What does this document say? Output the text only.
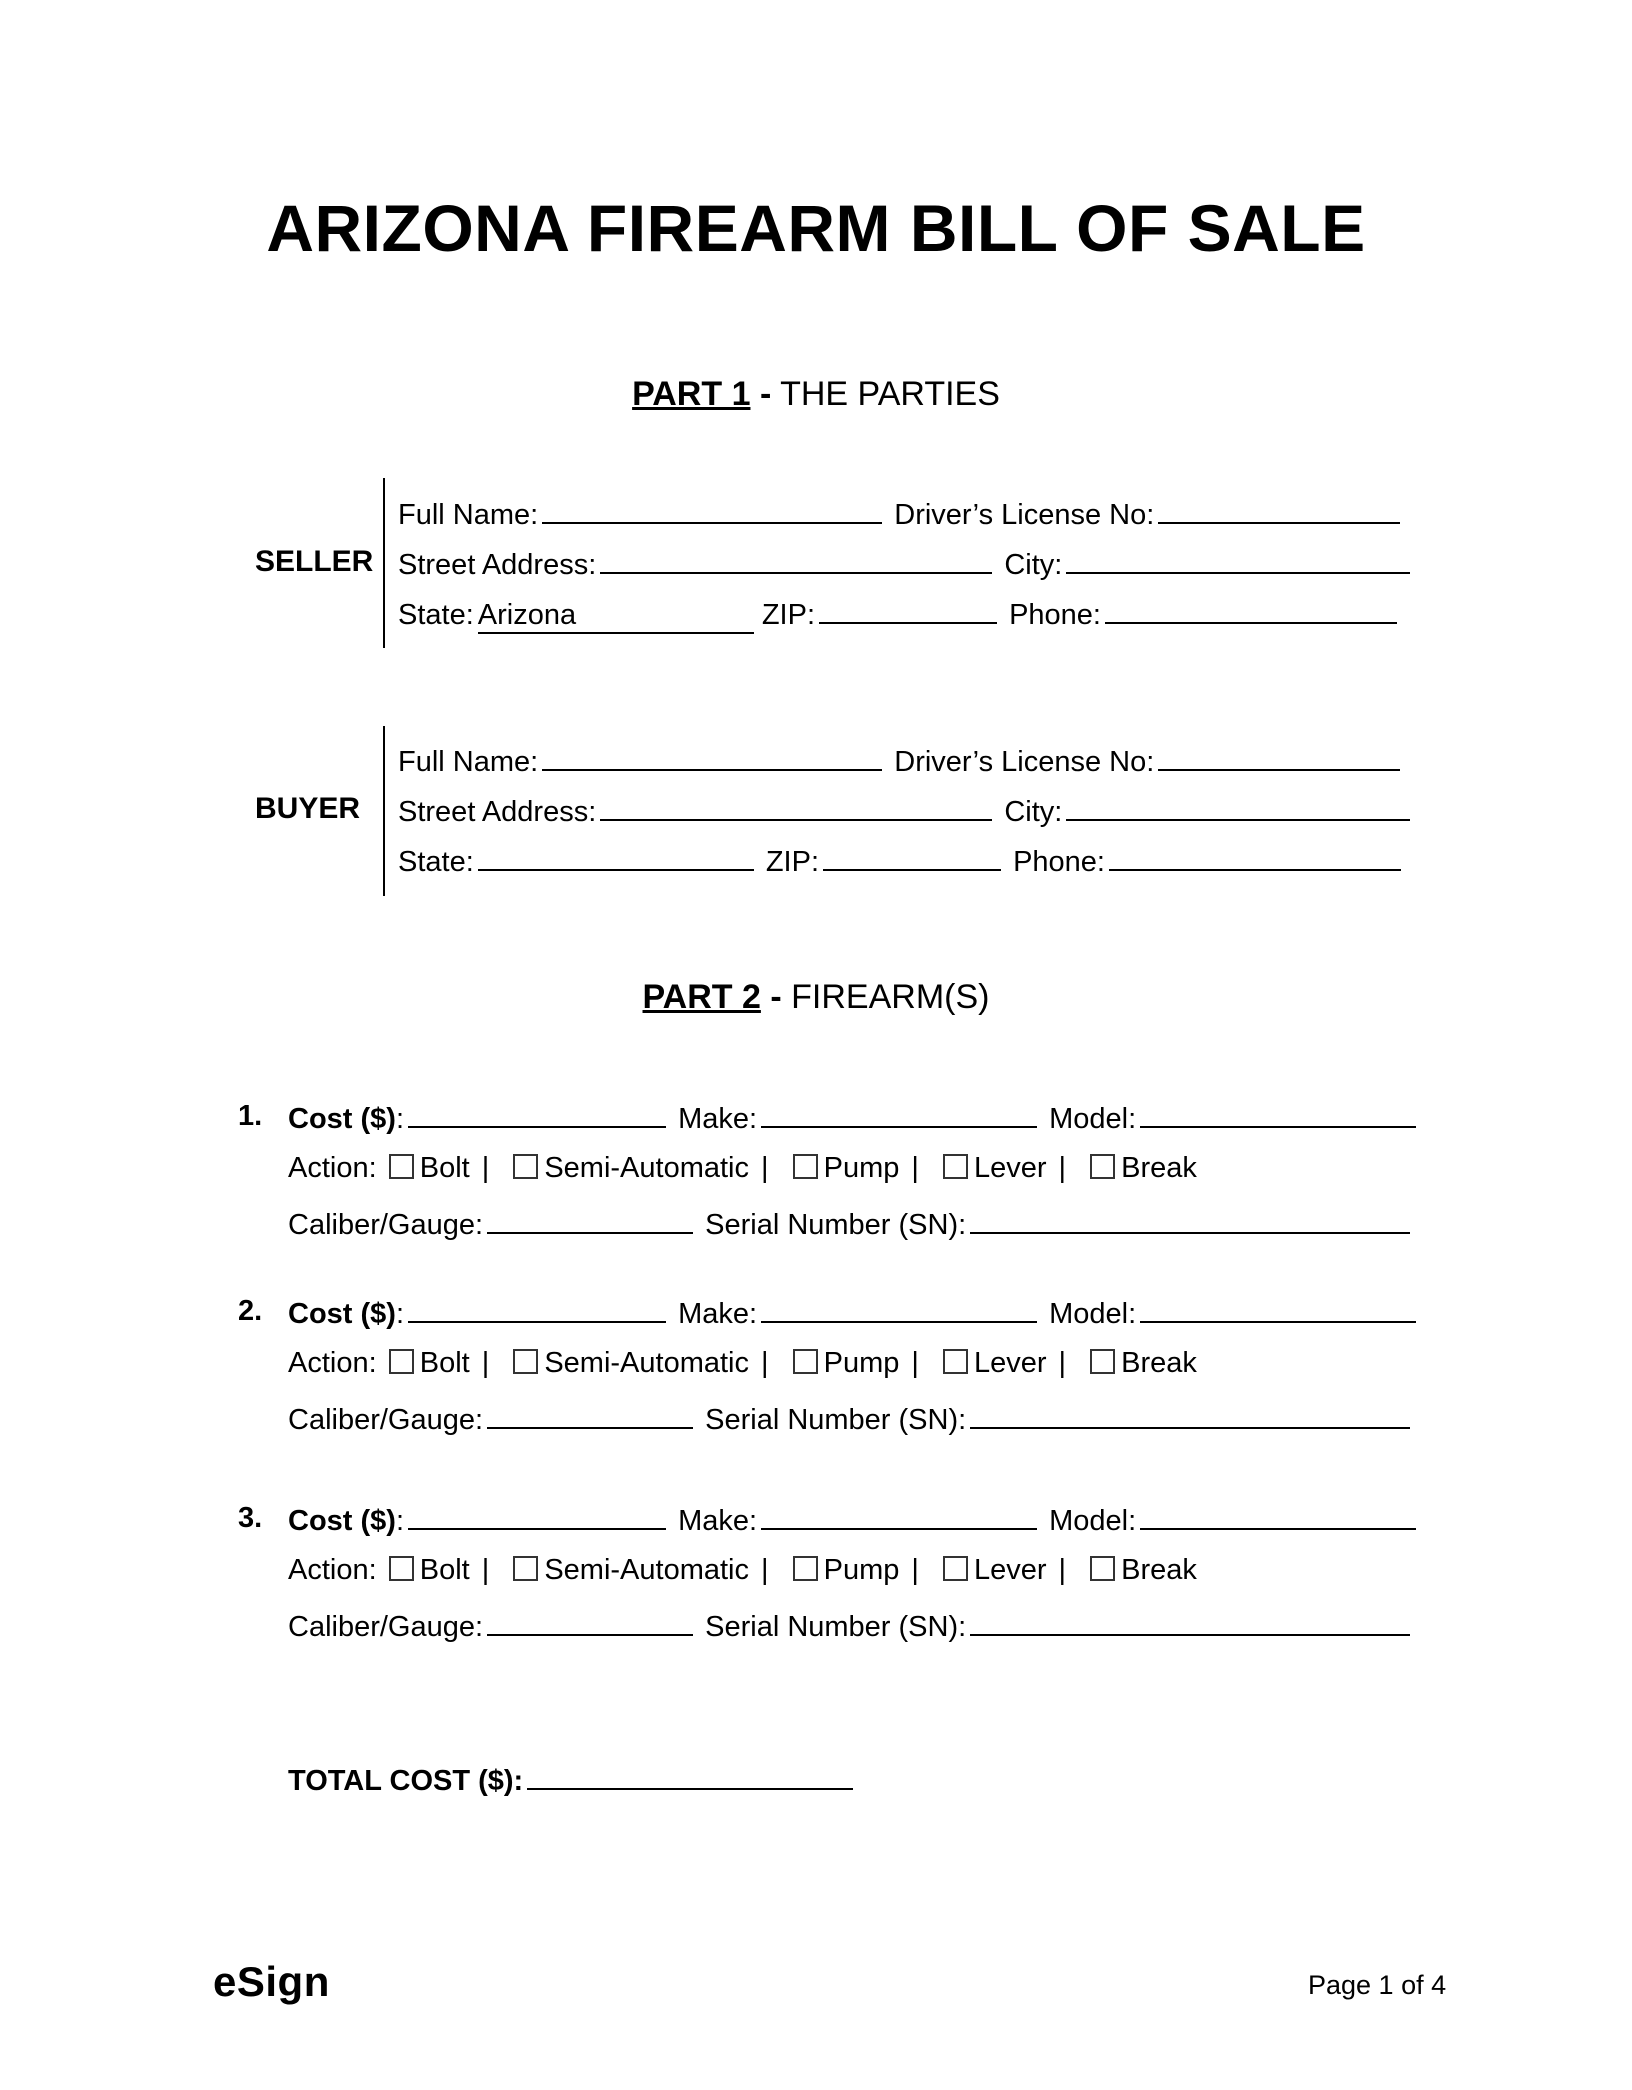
ARIZONA FIREARM BILL OF SALE
PART 1 - THE PARTIES
SELLER
Full Name:	Driver’s License No:
Street Address:	City:
State: Arizona	ZIP:	Phone:
BUYER
Full Name:	Driver’s License No:
Street Address:	City:
State:	ZIP:	Phone:
PART 2 - FIREARM(S)
1. Cost ($):	Make:	Model:
Action: Bolt | Semi-Automatic | Pump | Lever | Break
Caliber/Gauge:	Serial Number (SN):
2. Cost ($):	Make:	Model:
Action: Bolt | Semi-Automatic | Pump | Lever | Break
Caliber/Gauge:	Serial Number (SN):
3. Cost ($):	Make:	Model:
Action: Bolt | Semi-Automatic | Pump | Lever | Break
Caliber/Gauge:	Serial Number (SN):
TOTAL COST ($):
eSign	Page 1 of 4
